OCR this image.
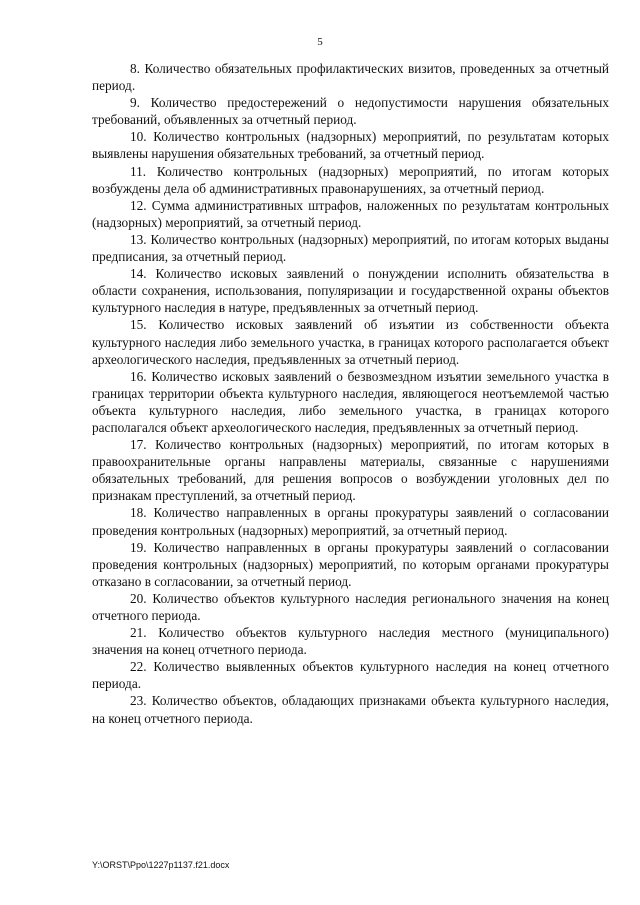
5

8. Количество обязательных профилактических визитов, проведенных за отчетный период.

9. Количество предостережений о недопустимости нарушения обязательных требований, объявленных за отчетный период.

10. Количество контрольных (надзорных) мероприятий, по результатам которых выявлены нарушения обязательных требований, за отчетный период.

11. Количество контрольных (надзорных) мероприятий, по итогам которых возбуждены дела об административных правонарушениях, за отчетный период.

12. Сумма административных штрафов, наложенных по результатам контрольных (надзорных) мероприятий, за отчетный период.

13. Количество контрольных (надзорных) мероприятий, по итогам которых выданы предписания, за отчетный период.

14. Количество исковых заявлений о понуждении исполнить обязательства в области сохранения, использования, популяризации и государственной охраны объектов культурного наследия в натуре, предъявленных за отчетный период.

15. Количество исковых заявлений об изъятии из собственности объекта культурного наследия либо земельного участка, в границах которого располагается объект археологического наследия, предъявленных за отчетный период.

16. Количество исковых заявлений о безвозмездном изъятии земельного участка в границах территории объекта культурного наследия, являющегося неотъемлемой частью объекта культурного наследия, либо земельного участка, в границах которого располагался объект археологического наследия, предъявленных за отчетный период.

17. Количество контрольных (надзорных) мероприятий, по итогам которых в правоохранительные органы направлены материалы, связанные с нарушениями обязательных требований, для решения вопросов о возбуждении уголовных дел по признакам преступлений, за отчетный период.

18. Количество направленных в органы прокуратуры заявлений о согласовании проведения контрольных (надзорных) мероприятий, за отчетный период.

19. Количество направленных в органы прокуратуры заявлений о согласовании проведения контрольных (надзорных) мероприятий, по которым органами прокуратуры отказано в согласовании, за отчетный период.

20. Количество объектов культурного наследия регионального значения на конец отчетного периода.

21. Количество объектов культурного наследия местного (муниципального) значения на конец отчетного периода.

22. Количество выявленных объектов культурного наследия на конец отчетного периода.

23. Количество объектов, обладающих признаками объекта культурного наследия, на конец отчетного периода.

Y:\ORST\Ppo\1227p1137.f21.docx
